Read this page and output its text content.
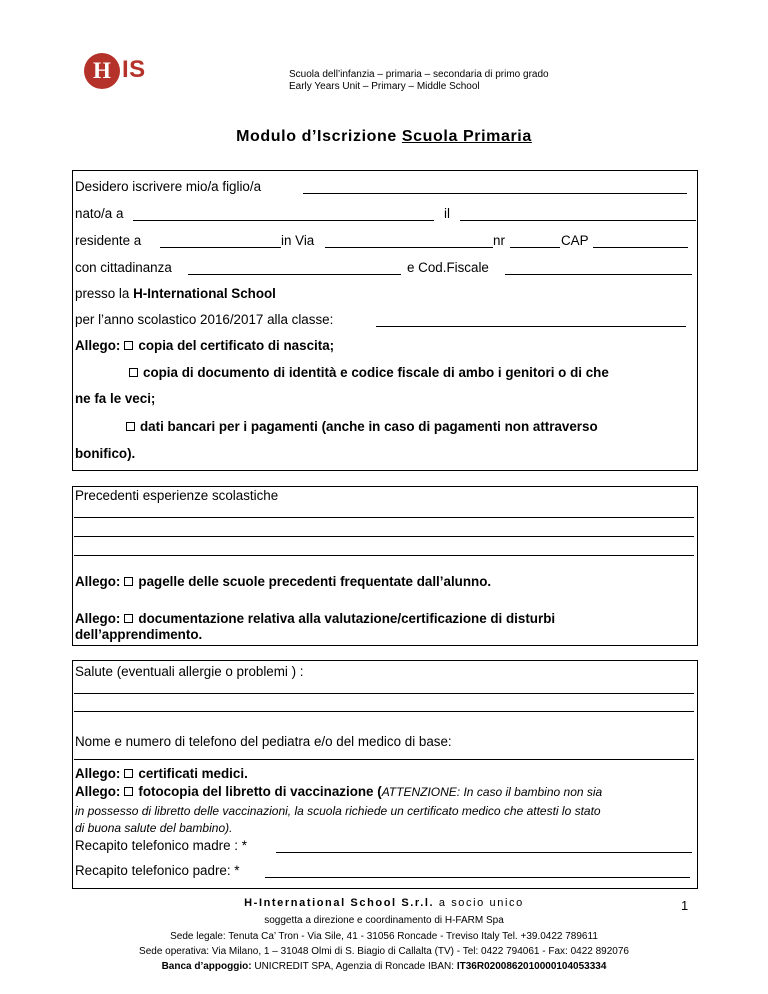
H IS	Scuola dell’infanzia – primaria – secondaria di primo grado
Early Years Unit – Primary – Middle School
Modulo d’Iscrizione Scuola Primaria
Desidero iscrivere mio/a figlio/a
nato/a a	il
residente a	in Via	nr	CAP
con cittadinanza	e Cod.Fiscale
presso la H-International School
per l’anno scolastico 2016/2017 alla classe:
Allego: copia del certificato di nascita;
copia di documento di identità e codice fiscale di ambo i genitori o di che
ne fa le veci;
dati bancari per i pagamenti (anche in caso di pagamenti non attraverso
bonifico).
Precedenti esperienze scolastiche
Allego: pagelle delle scuole precedenti frequentate dall’alunno.
Allego: documentazione relativa alla valutazione/certificazione di disturbi
dell’apprendimento.
Salute (eventuali allergie o problemi ) :
Nome e numero di telefono del pediatra e/o del medico di base:
Allego: certificati medici.
Allego: fotocopia del libretto di vaccinazione (ATTENZIONE: In caso il bambino non sia
in possesso di libretto delle vaccinazioni, la scuola richiede un certificato medico che attesti lo stato
di buona salute del bambino).
Recapito telefonico madre : *
Recapito telefonico padre: *
H-International School S.r.l. a socio unico	1
soggetta a direzione e coordinamento di H-FARM Spa
Sede legale: Tenuta Ca’ Tron - Via Sile, 41 - 31056 Roncade - Treviso Italy Tel. +39.0422 789611
Sede operativa: Via Milano, 1 – 31048 Olmi di S. Biagio di Callalta (TV) - Tel: 0422 794061 - Fax: 0422 892076
Banca d’appoggio: UNICREDIT SPA, Agenzia di Roncade IBAN: IT36R0200862010000104053334
